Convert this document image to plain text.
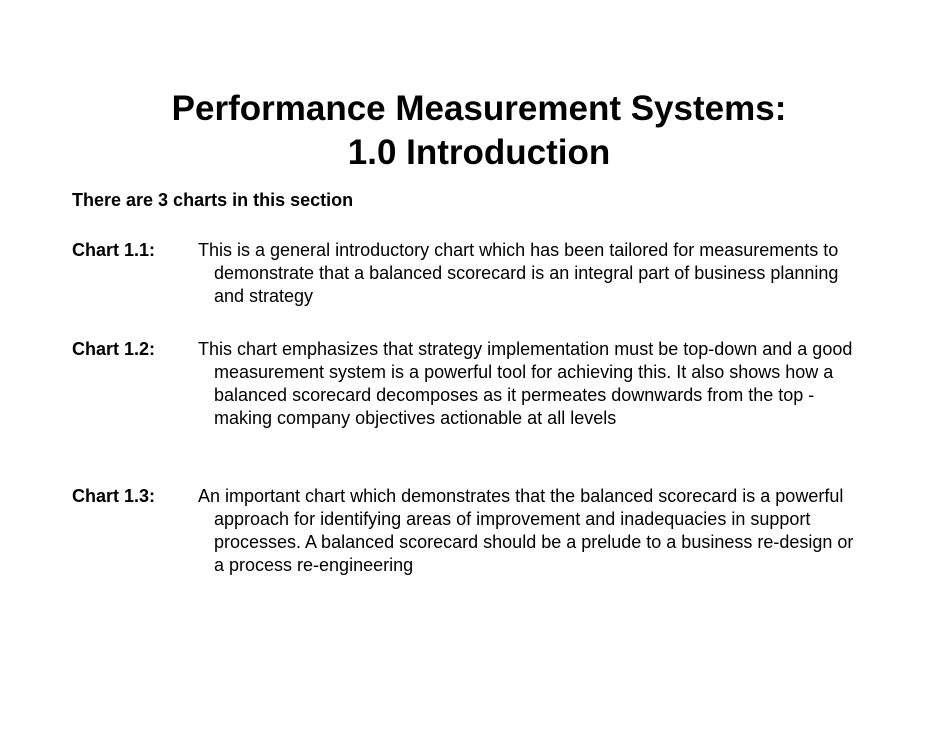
Performance Measurement Systems:
1.0 Introduction

There are 3 charts in this section

Chart 1.1: This is a general introductory chart which has been tailored for measurements to demonstrate that a balanced scorecard is an integral part of business planning and strategy
Chart 1.2: This chart emphasizes that strategy implementation must be top-down and a good measurement system is a powerful tool for achieving this. It also shows how a balanced scorecard decomposes as it permeates downwards from the top - making company objectives actionable at all levels
Chart 1.3: An important chart which demonstrates that the balanced scorecard is a powerful approach for identifying areas of improvement and inadequacies in support processes. A balanced scorecard should be a prelude to a business re-design or a process re-engineering
